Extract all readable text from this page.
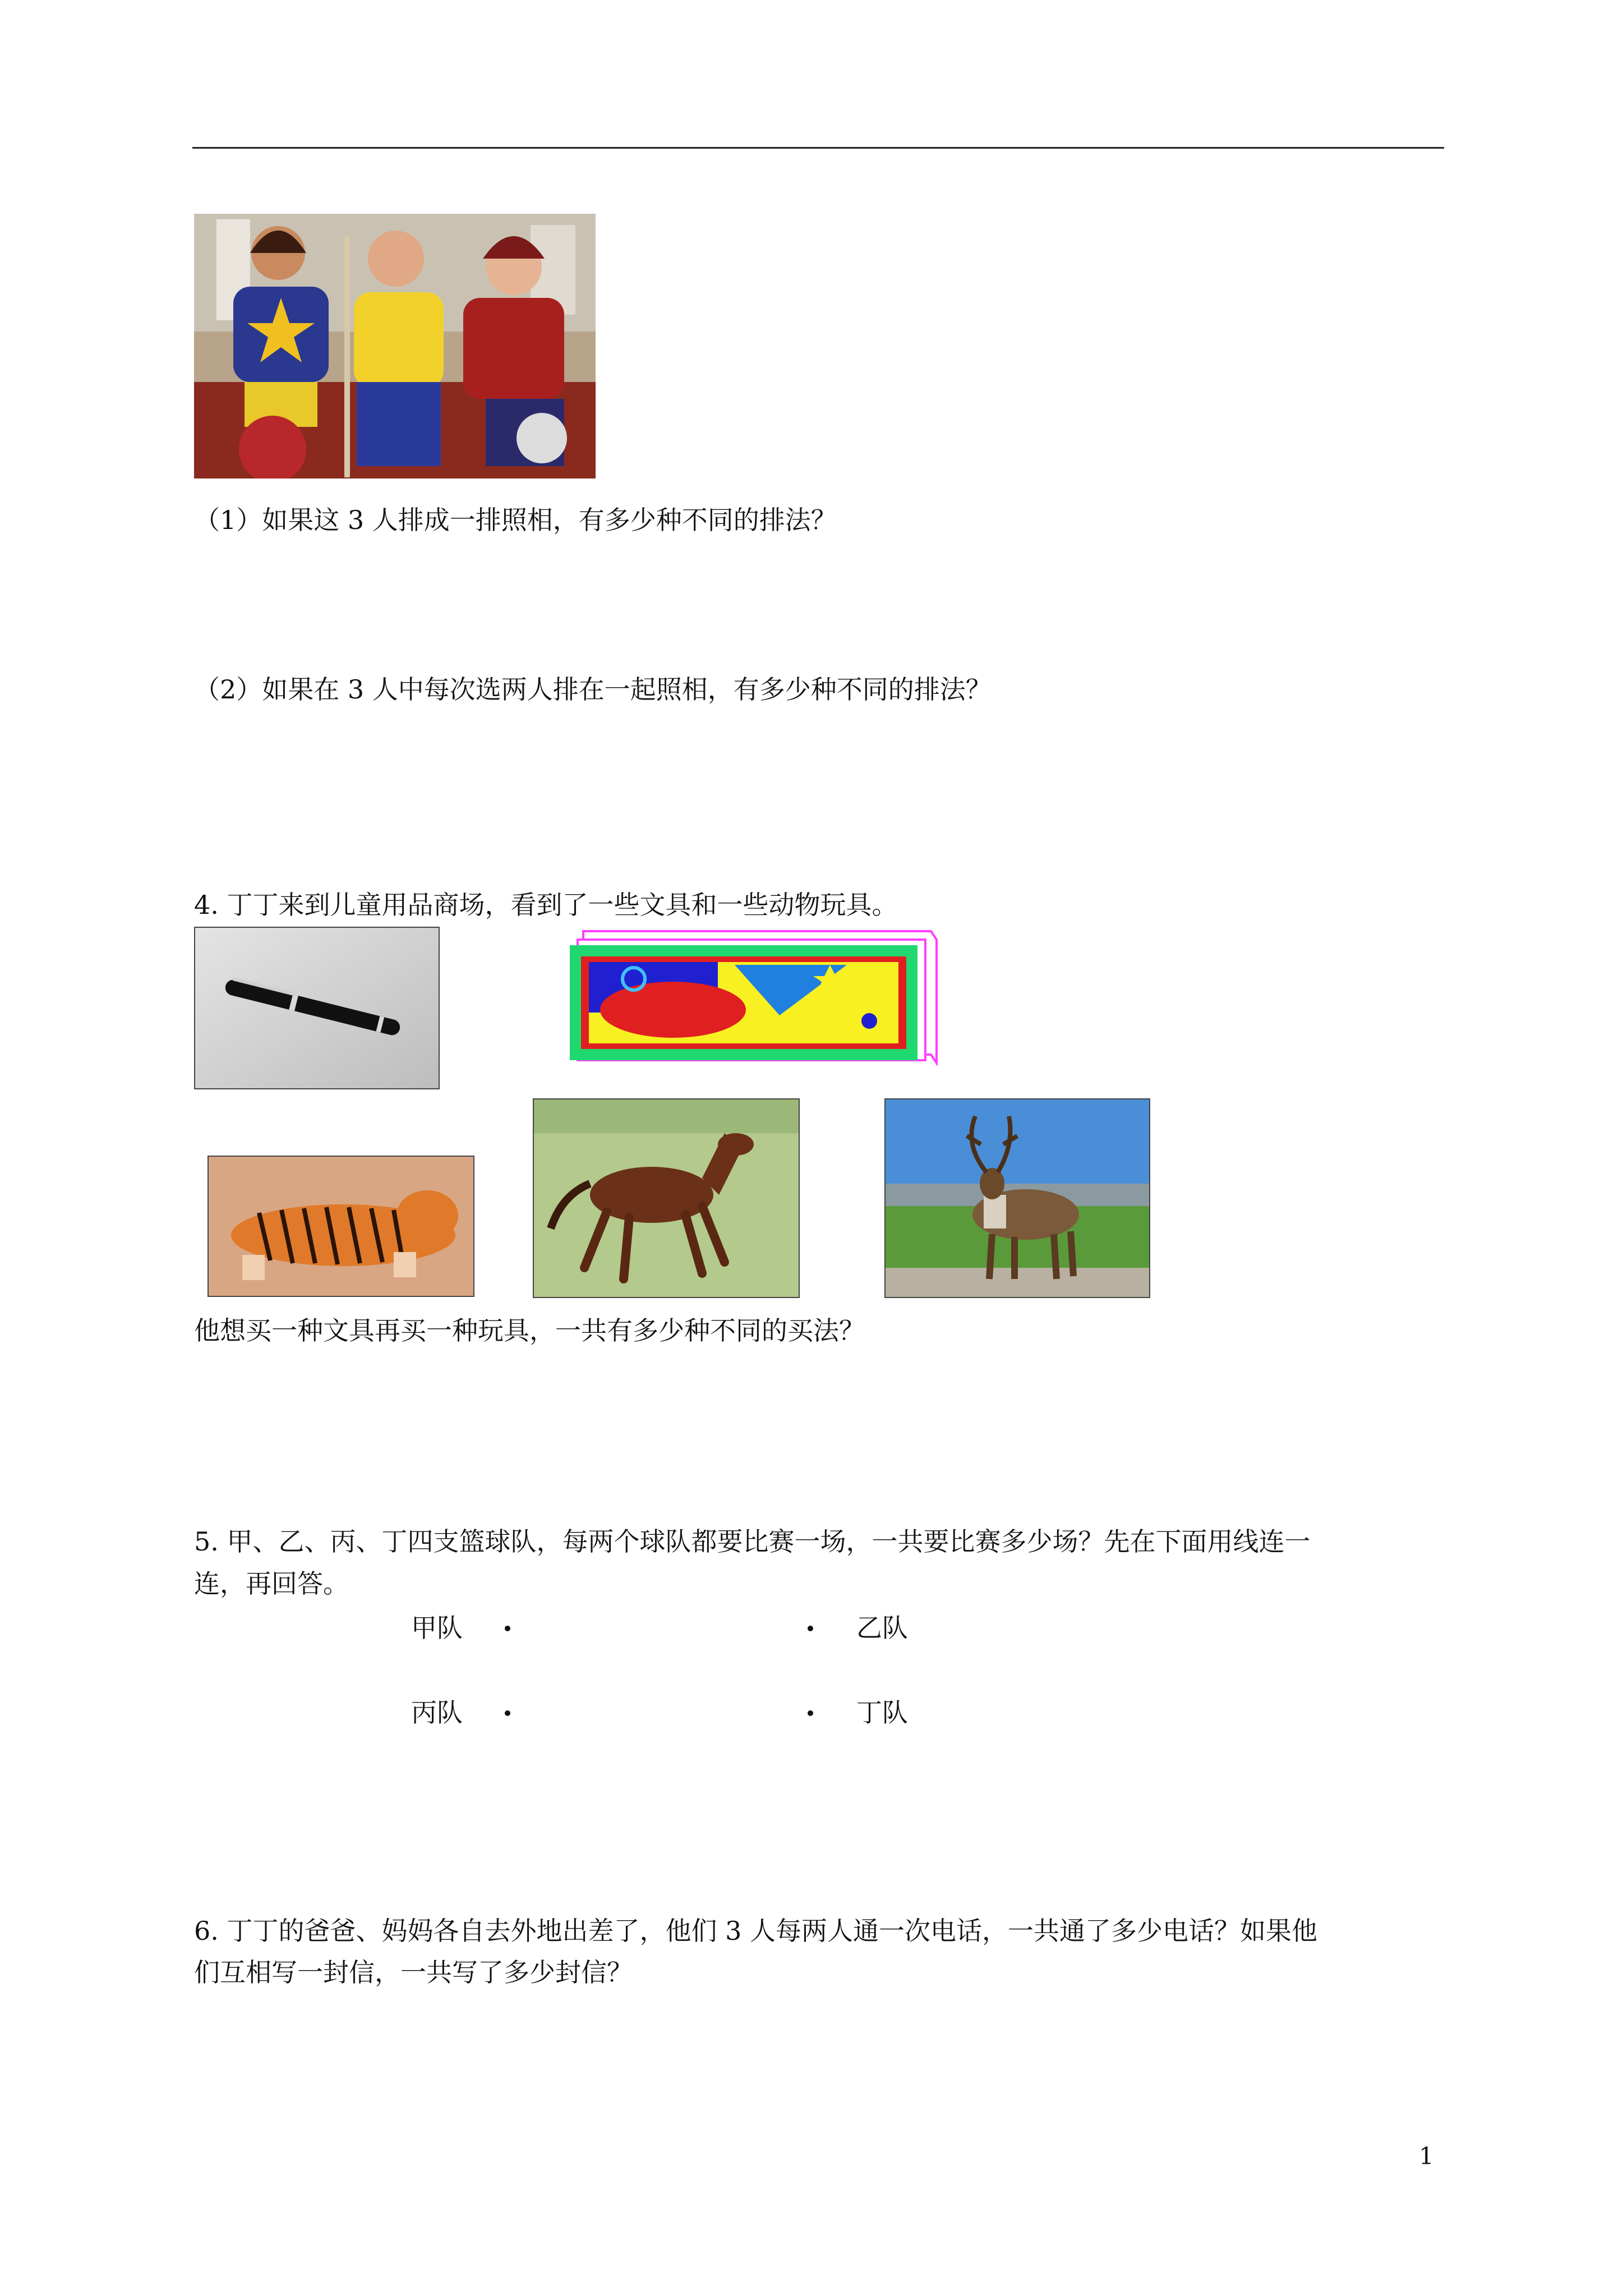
（1）如果这 3 人排成一排照相，有多少种不同的排法？
（2）如果在 3 人中每次选两人排在一起照相，有多少种不同的排法？
4. 丁丁来到儿童用品商场，看到了一些文具和一些动物玩具。
他想买一种文具再买一种玩具，一共有多少种不同的买法？
5. 甲、乙、丙、丁四支篮球队，每两个球队都要比赛一场，一共要比赛多少场？先在下面用线连一
连，再回答。
甲队	乙队
丙队	丁队
6. 丁丁的爸爸、妈妈各自去外地出差了，他们 3 人每两人通一次电话，一共通了多少电话？如果他
们互相写一封信，一共写了多少封信？
1
